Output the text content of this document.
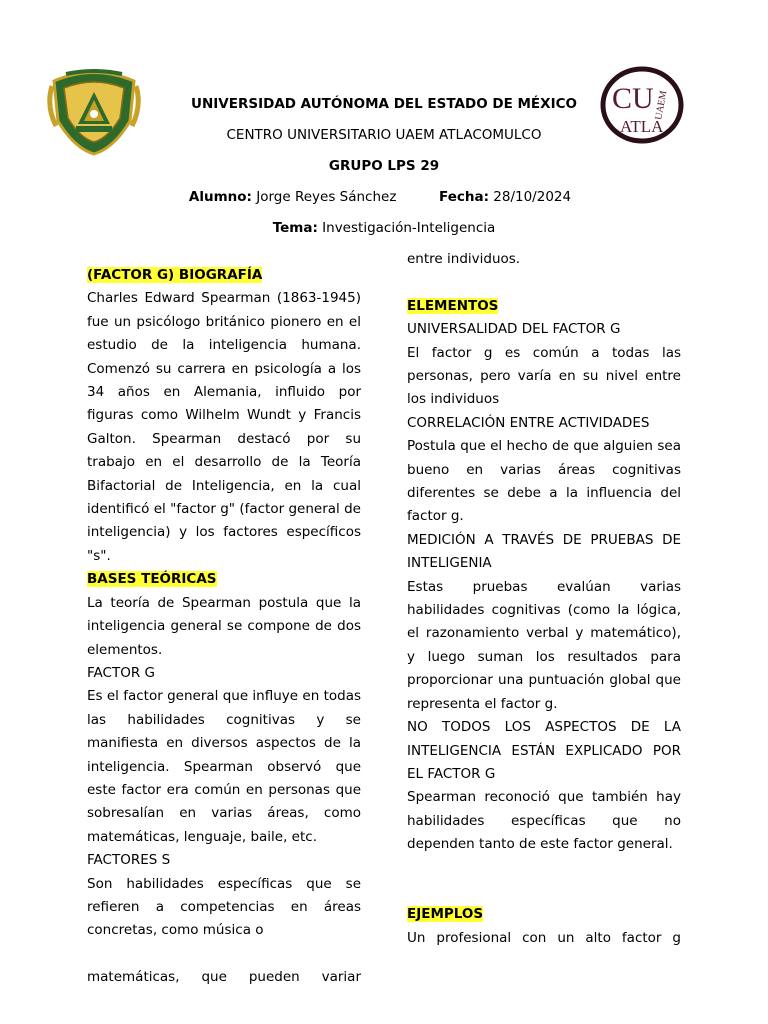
CU UAEM
ATLA
UNIVERSIDAD AUTÓNOMA DEL ESTADO DE MÉXICO
CENTRO UNIVERSITARIO UAEM ATLACOMULCO
GRUPO LPS 29
Alumno: Jorge Reyes Sánchez	Fecha: 28/10/2024
Tema: Investigación-Inteligencia

(FACTOR G) BIOGRAFÍA

Charles Edward Spearman (1863-1945) fue un psicólogo británico pionero en el estudio de la inteligencia humana. Comenzó su carrera en psicología a los 34 años en Alemania, influido por figuras como Wilhelm Wundt y Francis Galton. Spearman destacó por su trabajo en el desarrollo de la Teoría Bifactorial de Inteligencia, en la cual identificó el "factor g" (factor general de inteligencia) y los factores específicos "s".

BASES TEÓRICAS

La teoría de Spearman postula que la inteligencia general se compone de dos elementos.

FACTOR G

Es el factor general que influye en todas las habilidades cognitivas y se manifiesta en diversos aspectos de la inteligencia. Spearman observó que este factor era común en personas que sobresalían en varias áreas, como matemáticas, lenguaje, baile, etc.

FACTORES S

Son habilidades específicas que se refieren a competencias en áreas concretas, como música o

matemáticas, que pueden variar

entre individuos.

ELEMENTOS

UNIVERSALIDAD DEL FACTOR G

El factor g es común a todas las personas, pero varía en su nivel entre los individuos

CORRELACIÓN ENTRE ACTIVIDADES

Postula que el hecho de que alguien sea bueno en varias áreas cognitivas diferentes se debe a la influencia del factor g.

MEDICIÓN A TRAVÉS DE PRUEBAS DE INTELIGENIA

Estas pruebas evalúan varias habilidades cognitivas (como la lógica, el razonamiento verbal y matemático), y luego suman los resultados para proporcionar una puntuación global que representa el factor g.

NO TODOS LOS ASPECTOS DE LA INTELIGENCIA ESTÁN EXPLICADO POR EL FACTOR G

Spearman reconoció que también hay habilidades específicas que no dependen tanto de este factor general.

EJEMPLOS

Un profesional con un alto factor g
